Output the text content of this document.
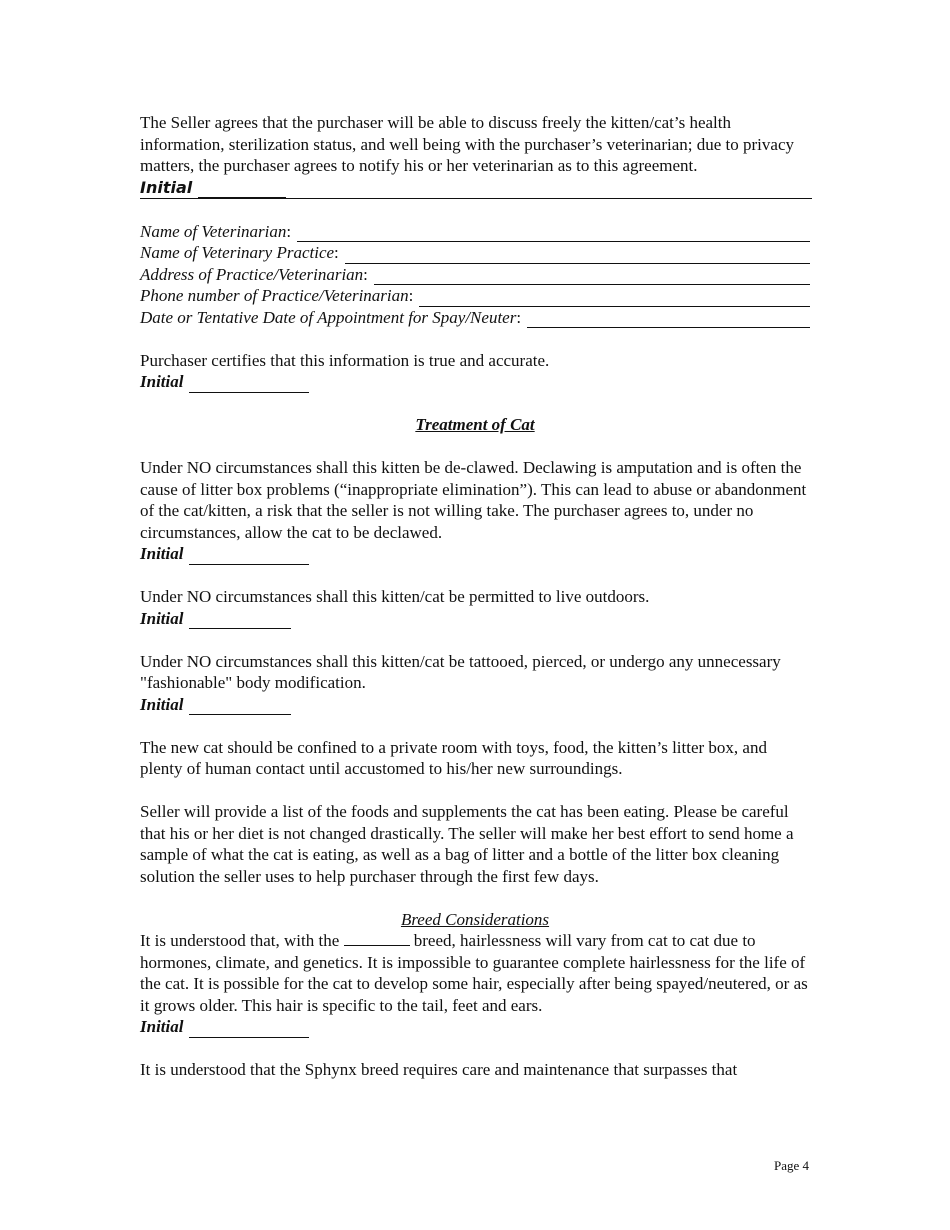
The Seller agrees that the purchaser will be able to discuss freely the kitten/cat’s health information, sterilization status, and well being with the purchaser’s veterinarian; due to privacy matters, the purchaser agrees to notify his or her veterinarian as to this agreement.

Initial
Name of Veterinarian :
Name of Veterinary Practice :
Address of Practice/Veterinarian :
Phone number of Practice/Veterinarian :
Date or Tentative Date of Appointment for Spay/Neuter :

Purchaser certifies that this information is true and accurate.

Initial

Treatment of Cat

Under NO circumstances shall this kitten be de-clawed. Declawing is amputation and is often the cause of litter box problems (“inappropriate elimination”). This can lead to abuse or abandonment of the cat/kitten, a risk that the seller is not willing take. The purchaser agrees to, under no circumstances, allow the cat to be declawed.

Initial

Under NO circumstances shall this kitten/cat be permitted to live outdoors.

Initial

Under NO circumstances shall this kitten/cat be tattooed, pierced, or undergo any unnecessary "fashionable" body modification.

Initial

The new cat should be confined to a private room with toys, food, the kitten’s litter box, and plenty of human contact until accustomed to his/her new surroundings.

Seller will provide a list of the foods and supplements the cat has been eating. Please be careful that his or her diet is not changed drastically. The seller will make her best effort to send home a sample of what the cat is eating, as well as a bag of litter and a bottle of the litter box cleaning solution the seller uses to help purchaser through the first few days.

Breed Considerations

It is understood that, with the	breed, hairlessness will vary from cat to cat due to hormones, climate, and genetics. It is impossible to guarantee complete hairlessness for the life of the cat. It is possible for the cat to develop some hair, especially after being spayed/neutered, or as it grows older. This hair is specific to the tail, feet and ears.

Initial

It is understood that the Sphynx breed requires care and maintenance that surpasses that

Page 4
